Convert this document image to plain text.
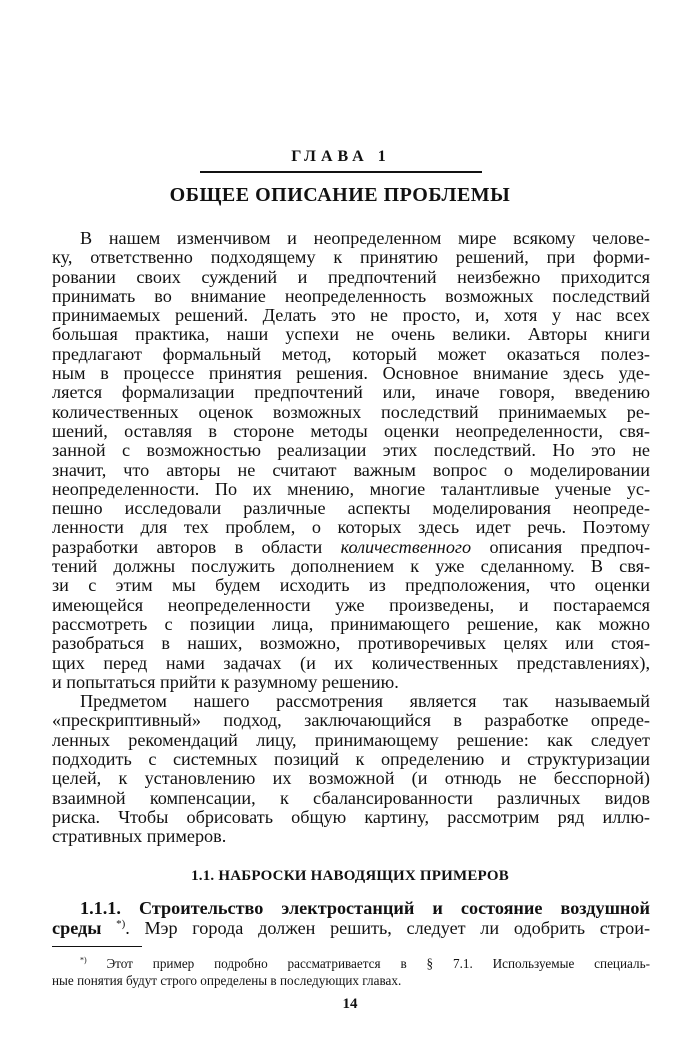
ГЛАВА 1
ОБЩЕЕ ОПИСАНИЕ ПРОБЛЕМЫ
В нашем изменчивом и неопределенном мире всякому челове-
ку, ответственно подходящему к принятию решений, при форми-
ровании своих суждений и предпочтений неизбежно приходится
принимать во внимание неопределенность возможных последствий
принимаемых решений. Делать это не просто, и, хотя у нас всех
большая практика, наши успехи не очень велики. Авторы книги
предлагают формальный метод, который может оказаться полез-
ным в процессе принятия решения. Основное внимание здесь уде-
ляется формализации предпочтений или, иначе говоря, введению
количественных оценок возможных последствий принимаемых ре-
шений, оставляя в стороне методы оценки неопределенности, свя-
занной с возможностью реализации этих последствий. Но это не
значит, что авторы не считают важным вопрос о моделировании
неопределенности. По их мнению, многие талантливые ученые ус-
пешно исследовали различные аспекты моделирования неопреде-
ленности для тех проблем, о которых здесь идет речь. Поэтому
разработки авторов в области количественного описания предпоч-
тений должны послужить дополнением к уже сделанному. В свя-
зи с этим мы будем исходить из предположения, что оценки
имеющейся неопределенности уже произведены, и постараемся
рассмотреть с позиции лица, принимающего решение, как можно
разобраться в наших, возможно, противоречивых целях или стоя-
щих перед нами задачах (и их количественных представлениях),
и попытаться прийти к разумному решению.
Предметом нашего рассмотрения является так называемый
«прескриптивный» подход, заключающийся в разработке опреде-
ленных рекомендаций лицу, принимающему решение: как следует
подходить с системных позиций к определению и структуризации
целей, к установлению их возможной (и отнюдь не бесспорной)
взаимной компенсации, к сбалансированности различных видов
риска. Чтобы обрисовать общую картину, рассмотрим ряд иллю-
стративных примеров.
1.1. НАБРОСКИ НАВОДЯЩИХ ПРИМЕРОВ
1.1.1. Строительство электростанций и состояние воздушной
среды *). Мэр города должен решить, следует ли одобрить строи-
*) Этот пример подробно рассматривается в § 7.1. Используемые специаль-
ные понятия будут строго определены в последующих главах.
14
